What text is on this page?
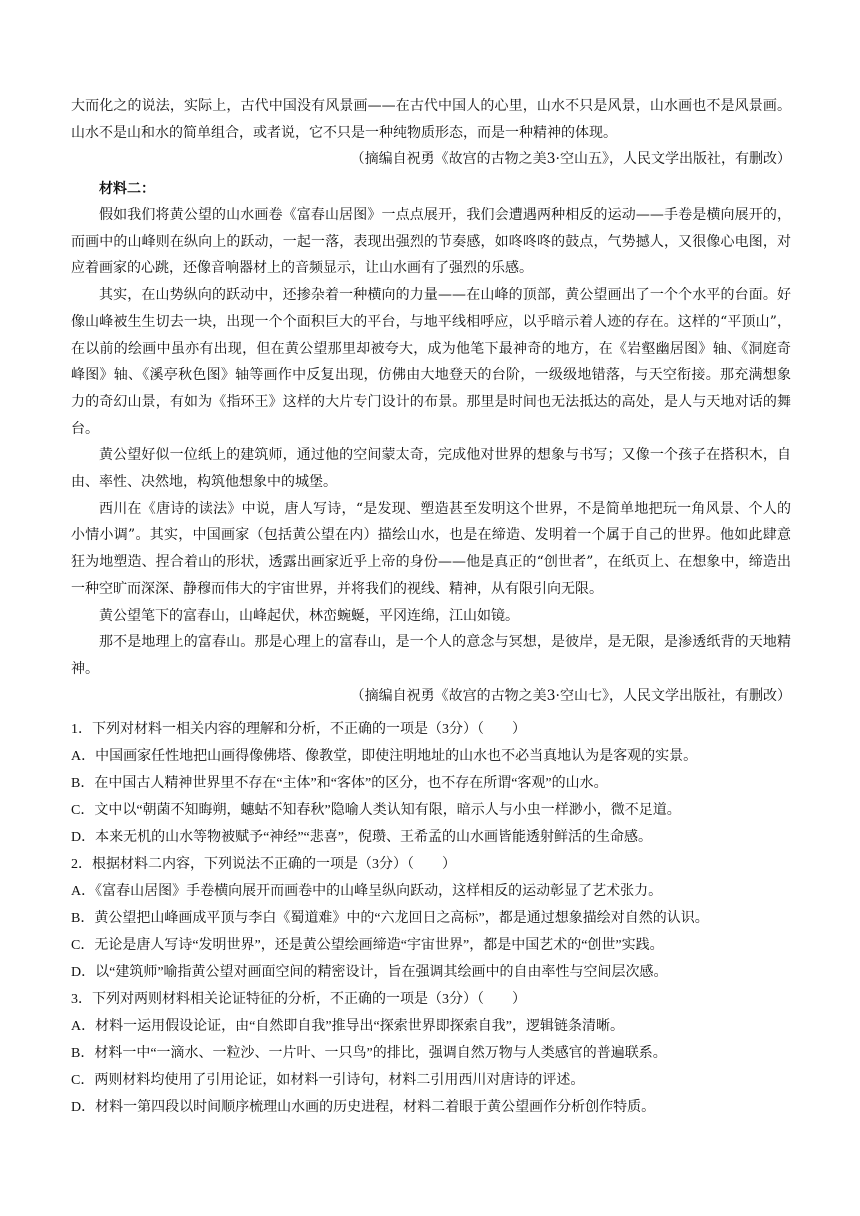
大而化之的说法，实际上，古代中国没有风景画——在古代中国人的心里，山水不只是风景，山水画也不是风景画。山水不是山和水的简单组合，或者说，它不只是一种纯物质形态，而是一种精神的体现。

（摘编自祝勇《故宫的古物之美3·空山五》，人民文学出版社，有删改）

材料二：

假如我们将黄公望的山水画卷《富春山居图》一点点展开，我们会遭遇两种相反的运动——手卷是横向展开的，而画中的山峰则在纵向上的跃动，一起一落，表现出强烈的节奏感，如咚咚咚的鼓点，气势撼人，又很像心电图，对应着画家的心跳，还像音响器材上的音频显示，让山水画有了强烈的乐感。

其实，在山势纵向的跃动中，还掺杂着一种横向的力量——在山峰的顶部，黄公望画出了一个个水平的台面。好像山峰被生生切去一块，出现一个个面积巨大的平台，与地平线相呼应，以乎暗示着人迹的存在。这样的“平顶山”，在以前的绘画中虽亦有出现，但在黄公望那里却被夸大，成为他笔下最神奇的地方，在《岩壑幽居图》轴、《洞庭奇峰图》轴、《溪亭秋色图》轴等画作中反复出现，仿佛由大地登天的台阶，一级级地错落，与天空衔接。那充满想象力的奇幻山景，有如为《指环王》这样的大片专门设计的布景。那里是时间也无法抵达的高处，是人与天地对话的舞台。

黄公望好似一位纸上的建筑师，通过他的空间蒙太奇，完成他对世界的想象与书写；又像一个孩子在搭积木，自由、率性、决然地，构筑他想象中的城堡。

西川在《唐诗的读法》中说，唐人写诗，“是发现、塑造甚至发明这个世界，不是简单地把玩一角风景、个人的小情小调”。其实，中国画家（包括黄公望在内）描绘山水，也是在缔造、发明着一个属于自己的世界。他如此肆意狂为地塑造、捏合着山的形状，透露出画家近乎上帝的身份——他是真正的“创世者”，在纸页上、在想象中，缔造出一种空旷而深深、静穆而伟大的宇宙世界，并将我们的视线、精神，从有限引向无限。

黄公望笔下的富春山，山峰起伏，林峦蜿蜒，平冈连绵，江山如镜。

那不是地理上的富春山。那是心理上的富春山，是一个人的意念与冥想，是彼岸，是无限，是渗透纸背的天地精神。

（摘编自祝勇《故宫的古物之美3·空山七》，人民文学出版社，有删改）

1．下列对材料一相关内容的理解和分析，不正确的一项是（3分）（　　）

A．中国画家任性地把山画得像佛塔、像教堂，即使注明地址的山水也不必当真地认为是客观的实景。

B．在中国古人精神世界里不存在“主体”和“客体”的区分，也不存在所谓“客观”的山水。

C．文中以“朝菌不知晦朔，蟪蛄不知春秋”隐喻人类认知有限，暗示人与小虫一样渺小，微不足道。

D．本来无机的山水等物被赋予“神经”“悲喜”，倪瓒、王希孟的山水画皆能透射鲜活的生命感。

2．根据材料二内容，下列说法不正确的一项是（3分）（　　）

A．《富春山居图》手卷横向展开而画卷中的山峰呈纵向跃动，这样相反的运动彰显了艺术张力。

B．黄公望把山峰画成平顶与李白《蜀道难》中的“六龙回日之高标”，都是通过想象描绘对自然的认识。

C．无论是唐人写诗“发明世界”，还是黄公望绘画缔造“宇宙世界”，都是中国艺术的“创世”实践。

D．以“建筑师”喻指黄公望对画面空间的精密设计，旨在强调其绘画中的自由率性与空间层次感。

3．下列对两则材料相关论证特征的分析，不正确的一项是（3分）（　　）

A．材料一运用假设论证，由“自然即自我”推导出“探索世界即探索自我”，逻辑链条清晰。

B．材料一中“一滴水、一粒沙、一片叶、一只鸟”的排比，强调自然万物与人类感官的普遍联系。

C．两则材料均使用了引用论证，如材料一引诗句，材料二引用西川对唐诗的评述。

D．材料一第四段以时间顺序梳理山水画的历史进程，材料二着眼于黄公望画作分析创作特质。
